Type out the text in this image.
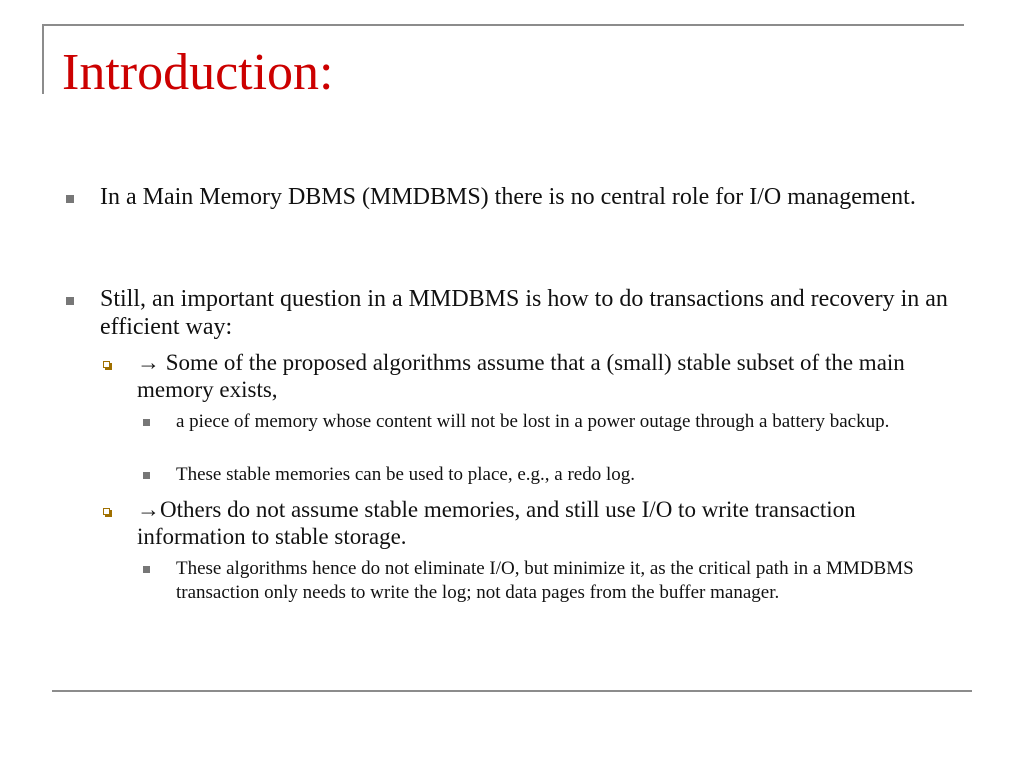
Introduction:
In a Main Memory DBMS (MMDBMS) there is no central role for I/O management.
Still, an important question in a MMDBMS is how to do transactions and recovery in an efficient way:
→ Some of the proposed algorithms assume that a (small) stable subset of the main memory exists,
a piece of memory whose content will not be lost in a power outage through a battery backup.
These stable memories can be used to place, e.g., a redo log.
→Others do not assume stable memories, and still use I/O to write transaction information to stable storage.
These algorithms hence do not eliminate I/O, but minimize it, as the critical path in a MMDBMS transaction only needs to write the log; not data pages from the buffer manager.
